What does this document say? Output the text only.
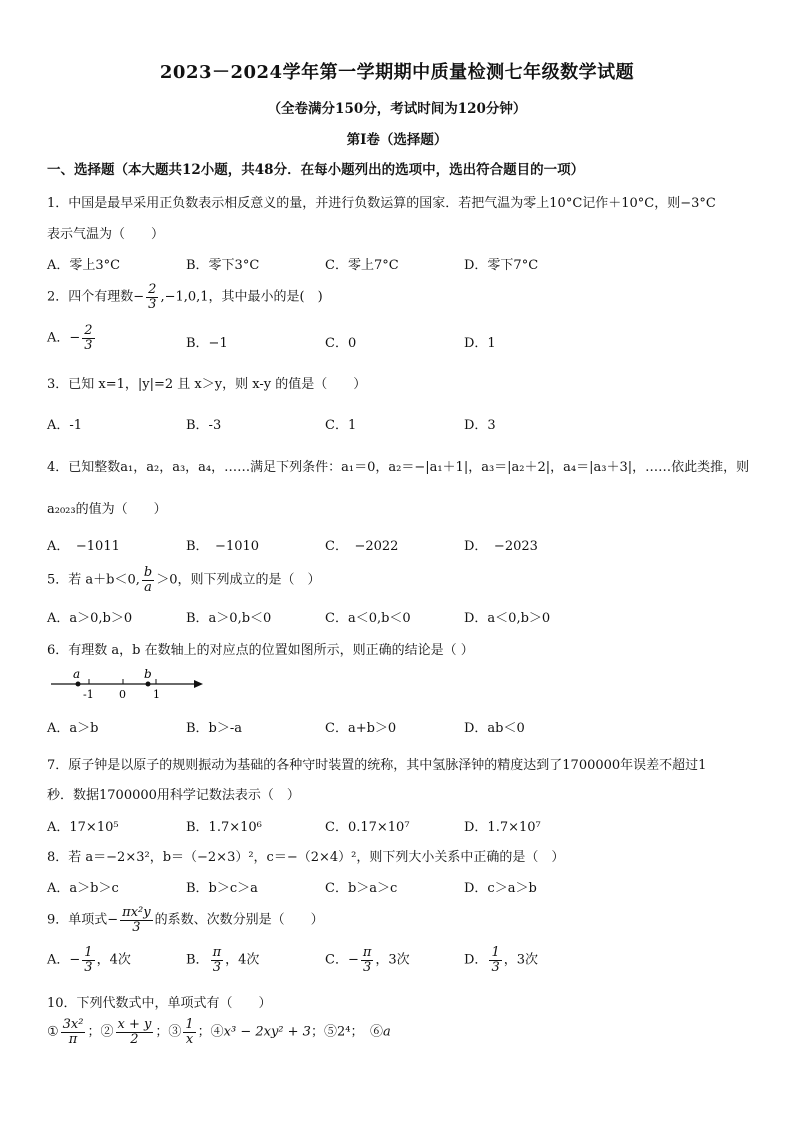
2023－2024学年第一学期期中质量检测七年级数学试题
（全卷满分150分，考试时间为120分钟）
第I卷（选择题）
一、选择题（本大题共12小题，共48分．在每小题列出的选项中，选出符合题目的一项）
1．中国是最早采用正负数表示相反意义的量，并进行负数运算的国家．若把气温为零上10°C记作＋10°C，则−3°C
表示气温为（　　）
A．零上3°C	B．零下3°C	C．零上7°C	D．零下7°C
2．四个有理数− $\frac{2}{3} ,-1,0,1$，其中最小的是(　)
A．− $\frac{2}{3}$	B．−1	C．0	D．1
3．已知 x=1，|y|=2 且 x＞y，则 x-y 的值是（　　）
A．-1	B．-3	C．1	D．3
4．已知整数a₁，a₂，a₃，a₄，……满足下列条件：a₁＝0，a₂＝−|a₁＋1|，a₃＝|a₂＋2|，a₄＝|a₃＋3|，……依此类推，则
a₂₀₂₃的值为（　　）
A．　−1011	B．　−1010	C．　−2022	D．　−2023
5．若 a＋b＜0, $\frac{b}{a} >0$，则下列成立的是（　）
A．a＞0,b＞0	B．a＞0,b＜0	C．a＜0,b＜0	D．a＜0,b＞0
6．有理数 a，b 在数轴上的对应点的位置如图所示，则正确的结论是（ ）
a	b
-1 0 1
A．a＞b	B．b＞-a	C．a+b＞0	D．ab＜0
7．原子钟是以原子的规则振动为基础的各种守时装置的统称，其中氢脉泽钟的精度达到了1700000年误差不超过1
秒．数据1700000用科学记数法表示（　）
A．17×10⁵	B．1.7×10⁶	C．0.17×10⁷	D．1.7×10⁷
8．若 a＝−2×3²，b＝（−2×3）²，c＝−（2×4）²，则下列大小关系中正确的是（　）
A．a＞b＞c	B．b＞c＞a	C．b＞a＞c	D．c＞a＞b
9．单项式− $\frac{\text{πx²y}}{3}$ 的系数、次数分别是（　　）
A．− $\frac{1}{3}$ ，4次	B． $\frac{\pi}{3}$ ，4次	C．− $\frac{\pi}{3}$ ，3次	D． $\frac{1}{3}$ ，3次
10．下列代数式中，单项式有（　　）
① $\frac{\text{3x²}}{\pi}$ ；② $\frac{x + y}{2}$ ；③ $\frac{1}{x}$ ；④x³ − 2xy² + 3；⑤2⁴；　⑥a
